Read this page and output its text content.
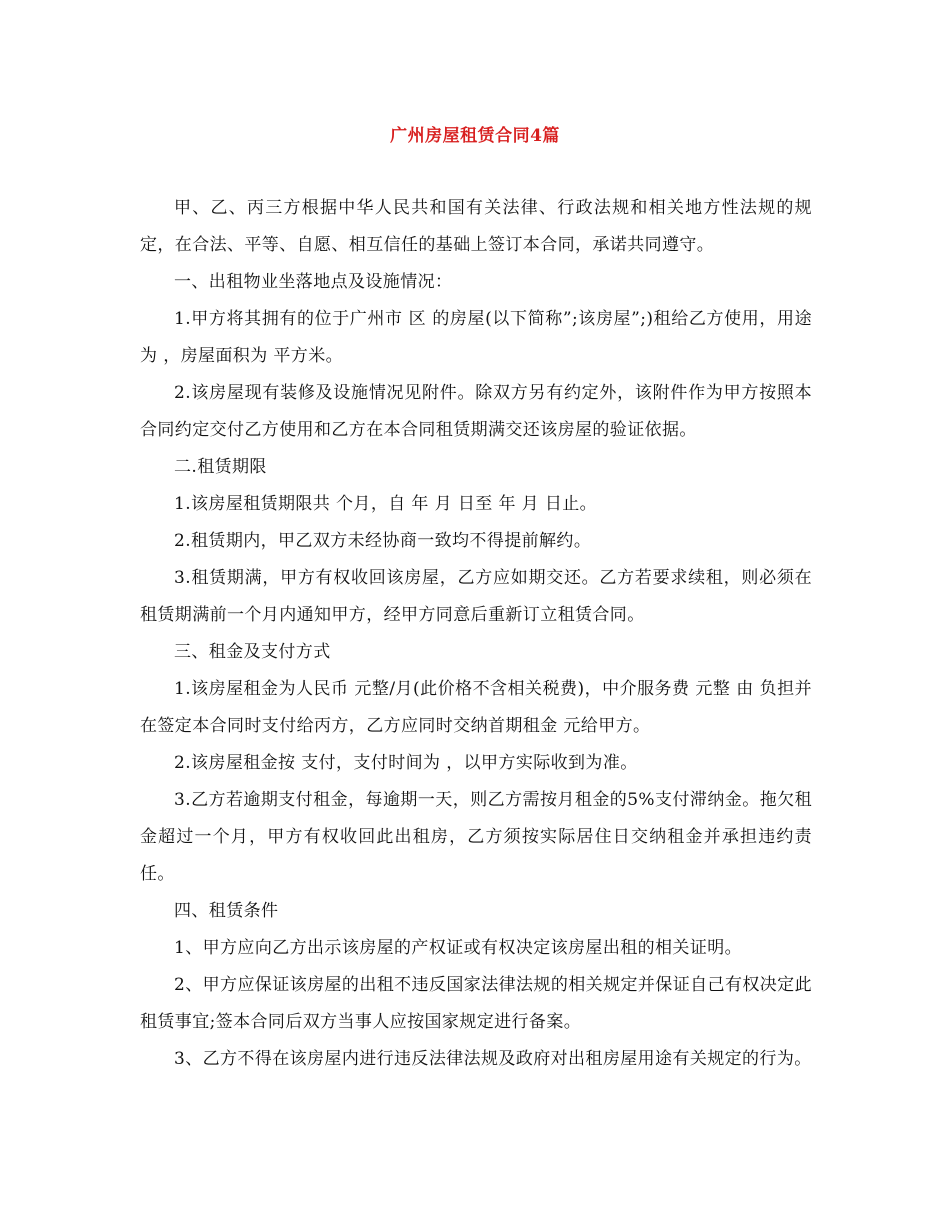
广州房屋租赁合同4篇

甲、乙、丙三方根据中华人民共和国有关法律、行政法规和相关地方性法规的规定，在合法、平等、自愿、相互信任的基础上签订本合同，承诺共同遵守。

一、出租物业坐落地点及设施情况：

1.甲方将其拥有的位于广州市 区 的房屋(以下简称”;该房屋”;)租给乙方使用，用途为 ，房屋面积为 平方米。

2.该房屋现有装修及设施情况见附件。除双方另有约定外，该附件作为甲方按照本合同约定交付乙方使用和乙方在本合同租赁期满交还该房屋的验证依据。

二.租赁期限

1.该房屋租赁期限共 个月，自 年 月 日至 年 月 日止。

2.租赁期内，甲乙双方未经协商一致均不得提前解约。

3.租赁期满，甲方有权收回该房屋，乙方应如期交还。乙方若要求续租，则必须在租赁期满前一个月内通知甲方，经甲方同意后重新订立租赁合同。

三、租金及支付方式

1.该房屋租金为人民币 元整/月(此价格不含相关税费)，中介服务费 元整 由 负担并在签定本合同时支付给丙方，乙方应同时交纳首期租金 元给甲方。

2.该房屋租金按 支付，支付时间为 ，以甲方实际收到为准。

3.乙方若逾期支付租金，每逾期一天，则乙方需按月租金的5%支付滞纳金。拖欠租金超过一个月，甲方有权收回此出租房，乙方须按实际居住日交纳租金并承担违约责任。

四、租赁条件

1、甲方应向乙方出示该房屋的产权证或有权决定该房屋出租的相关证明。

2、甲方应保证该房屋的出租不违反国家法律法规的相关规定并保证自己有权决定此租赁事宜;签本合同后双方当事人应按国家规定进行备案。

3、乙方不得在该房屋内进行违反法律法规及政府对出租房屋用途有关规定的行为。
